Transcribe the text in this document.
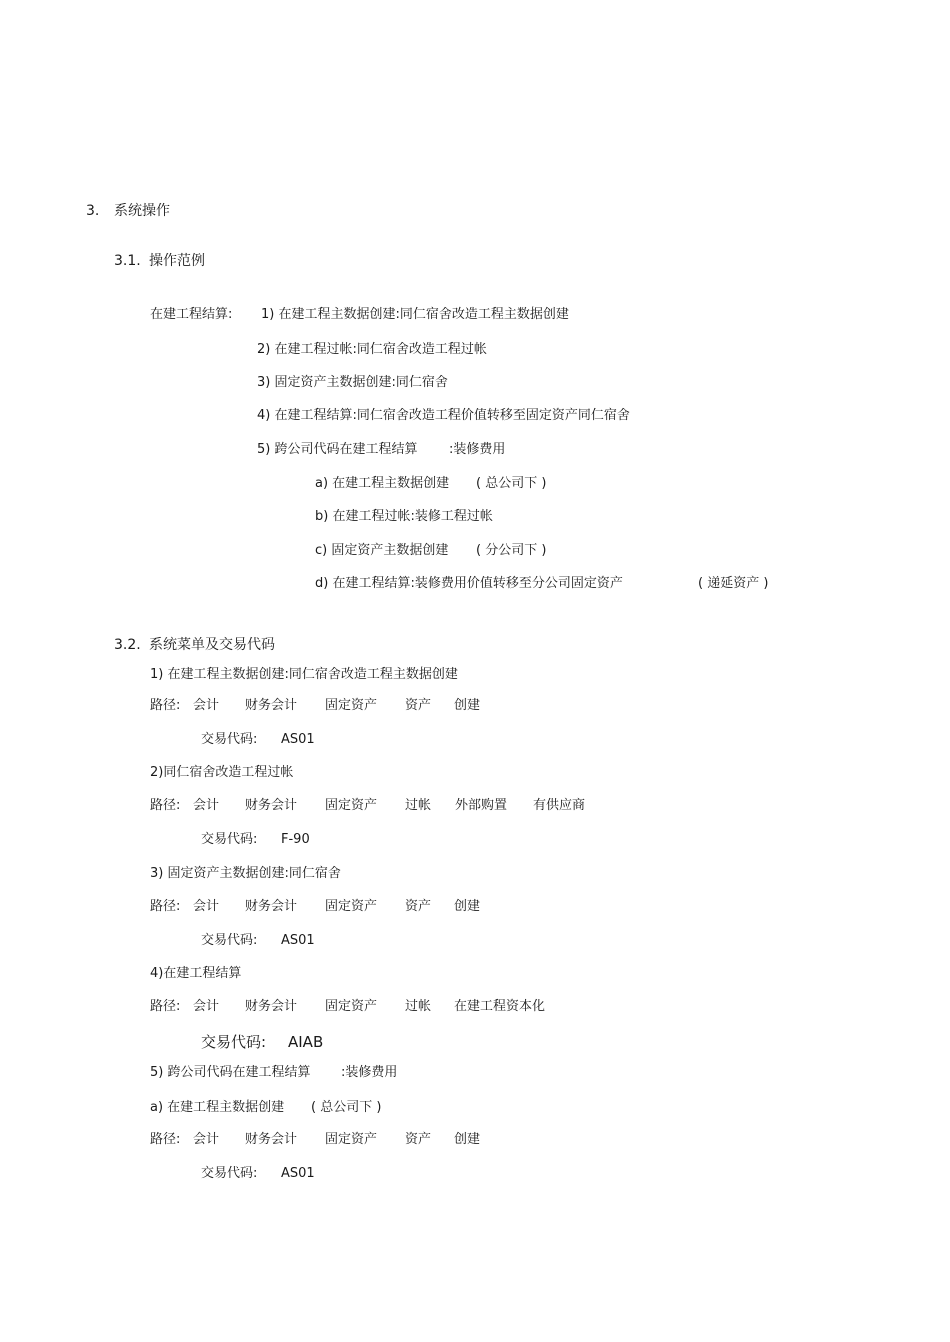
3. 系统操作
3.1. 操作范例
在建工程结算: 1) 在建工程主数据创建:同仁宿舍改造工程主数据创建
2) 在建工程过帐:同仁宿舍改造工程过帐
3) 固定资产主数据创建:同仁宿舍
4) 在建工程结算:同仁宿舍改造工程价值转移至固定资产同仁宿舍
5) 跨公司代码在建工程结算 :装修费用
a) 在建工程主数据创建 ( 总公司下 )
b) 在建工程过帐:装修工程过帐
c) 固定资产主数据创建 ( 分公司下 )
d) 在建工程结算:装修费用价值转移至分公司固定资产	( 递延资产 )
3.2. 系统菜单及交易代码
1) 在建工程主数据创建:同仁宿舍改造工程主数据创建
路径: 会计 财务会计 固定资产 资产 创建
交易代码: AS01
2)同仁宿舍改造工程过帐
路径: 会计 财务会计 固定资产 过帐 外部购置 有供应商
交易代码: F-90
3) 固定资产主数据创建:同仁宿舍
路径: 会计 财务会计 固定资产 资产 创建
交易代码: AS01
4)在建工程结算
路径: 会计 财务会计 固定资产 过帐 在建工程资本化
交易代码: AIAB
5) 跨公司代码在建工程结算 :装修费用
a) 在建工程主数据创建 ( 总公司下 )
路径: 会计 财务会计 固定资产 资产 创建
交易代码: AS01
